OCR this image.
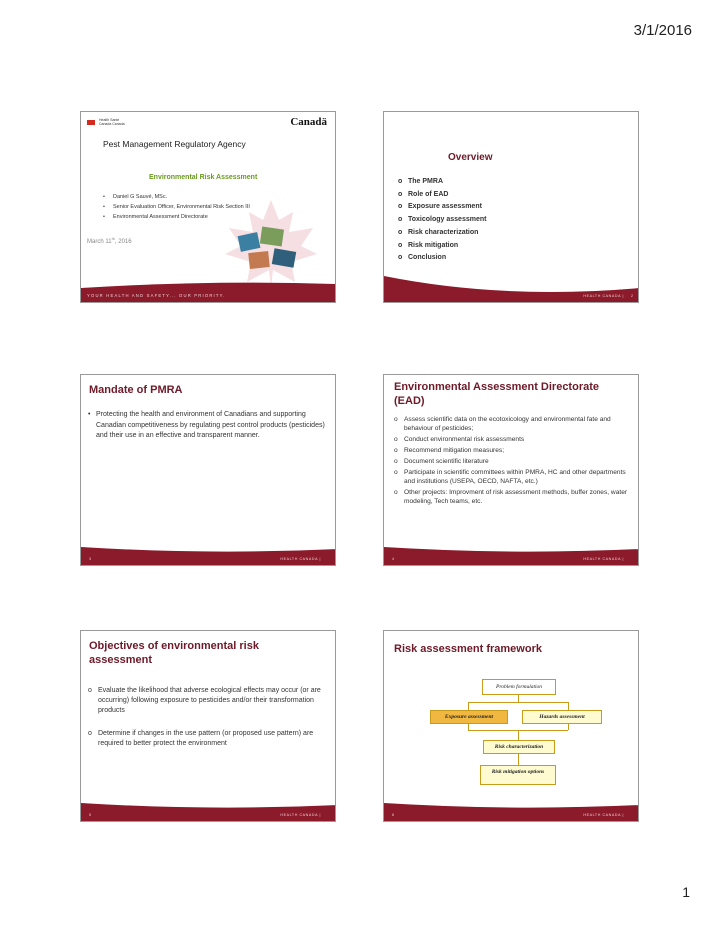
3/1/2016
Health Santé
Canada Canada	Canadä
Pest Management Regulatory Agency
Environmental Risk Assessment
• Daniel G Sauvé, MSc.
• Senior Evaluation Officer, Environmental Risk Section III
• Environmental Assessment Directorate
March 11th, 2016
YOUR HEALTH AND SAFETY... OUR PRIORITY.
Overview
o The PMRA
o Role of EAD
o Exposure assessment
o Toxicology assessment
o Risk characterization
o Risk mitigation
o Conclusion
HEALTH CANADA | 2
Mandate of PMRA
• Protecting the health and environment of Canadians and supporting Canadian competitiveness by regulating pest control products (pesticides) and their use in an effective and transparent manner.
3	HEALTH CANADA |
Environmental Assessment Directorate (EAD)
o Assess scientific data on the ecotoxicology and environmental fate and behaviour of pesticides;
o Conduct environmental risk assessments
o Recommend mitigation measures;
o Document scientific literature
o Participate in scientific committees within PMRA, HC and other departments and institutions (USEPA, OECD, NAFTA, etc.)
o Other projects: Improvment of risk assessment methods, buffer zones, water modeling, Tech teams, etc.
4	HEALTH CANADA |
Objectives of environmental risk assessment
o Evaluate the likelihood that adverse ecological effects may occur (or are occurring) following exposure to pesticides and/or their transformation products
o Determine if changes in the use pattern (or proposed use pattern) are required to better protect the environment
5	HEALTH CANADA |
Risk assessment framework
Problem formulation
Exposure assessment	Hazards assessment
Risk characterization
Risk mitigation options
6	HEALTH CANADA |
1
